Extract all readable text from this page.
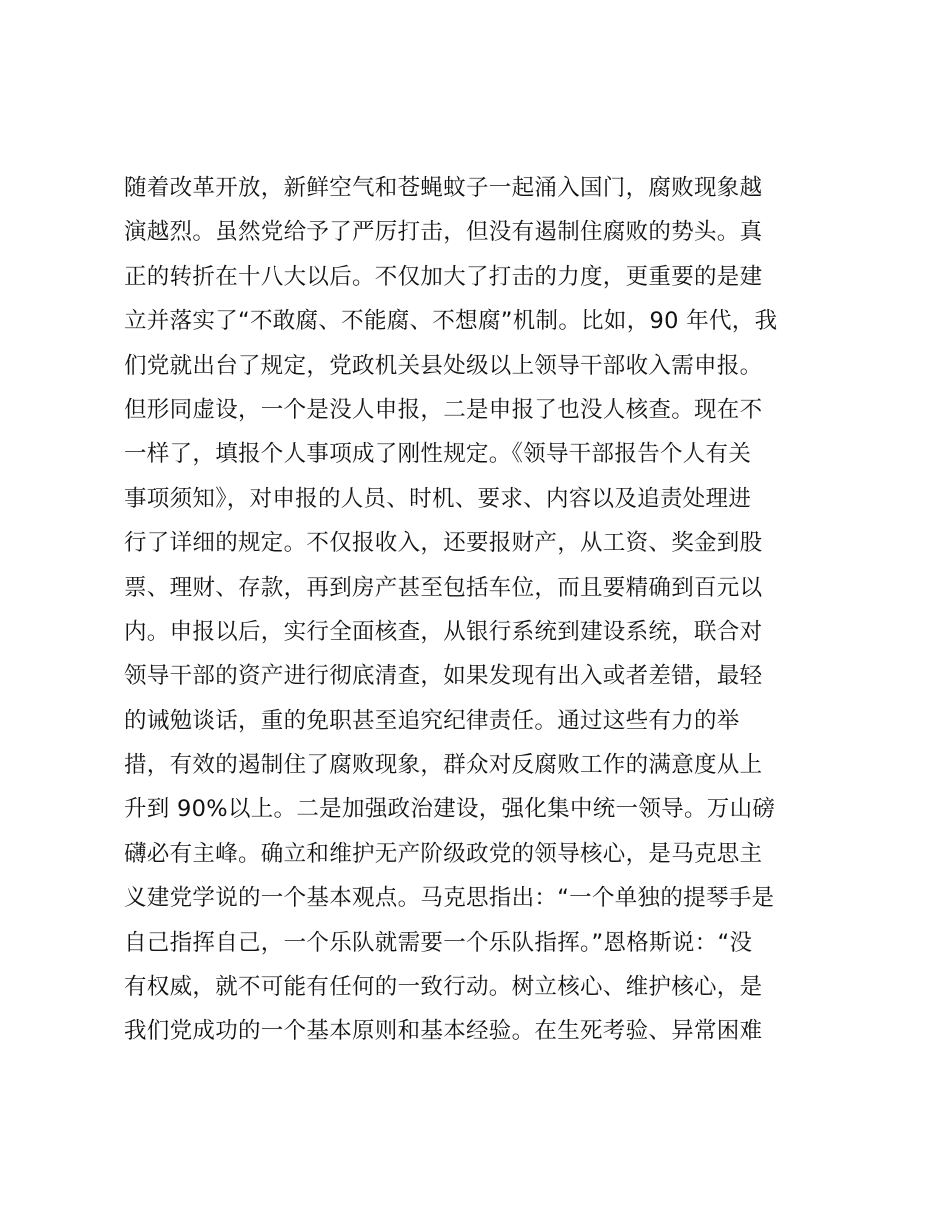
随着改革开放，新鲜空气和苍蝇蚊子一起涌入国门，腐败现象越
演越烈。虽然党给予了严厉打击，但没有遏制住腐败的势头。真
正的转折在十八大以后。不仅加大了打击的力度，更重要的是建
立并落实了“不敢腐、不能腐、不想腐”机制。比如，90 年代，我
们党就出台了规定，党政机关县处级以上领导干部收入需申报。
但形同虚设，一个是没人申报，二是申报了也没人核查。现在不
一样了，填报个人事项成了刚性规定。《领导干部报告个人有关
事项须知》，对申报的人员、时机、要求、内容以及追责处理进
行了详细的规定。不仅报收入，还要报财产，从工资、奖金到股
票、理财、存款，再到房产甚至包括车位，而且要精确到百元以
内。申报以后，实行全面核查，从银行系统到建设系统，联合对
领导干部的资产进行彻底清查，如果发现有出入或者差错，最轻
的诫勉谈话，重的免职甚至追究纪律责任。通过这些有力的举
措，有效的遏制住了腐败现象，群众对反腐败工作的满意度从上
升到 90%以上。二是加强政治建设，强化集中统一领导。万山磅
礴必有主峰。确立和维护无产阶级政党的领导核心，是马克思主
义建党学说的一个基本观点。马克思指出：“一个单独的提琴手是
自己指挥自己，一个乐队就需要一个乐队指挥。”恩格斯说：“没
有权威，就不可能有任何的一致行动。树立核心、维护核心，是
我们党成功的一个基本原则和基本经验。在生死考验、异常困难
